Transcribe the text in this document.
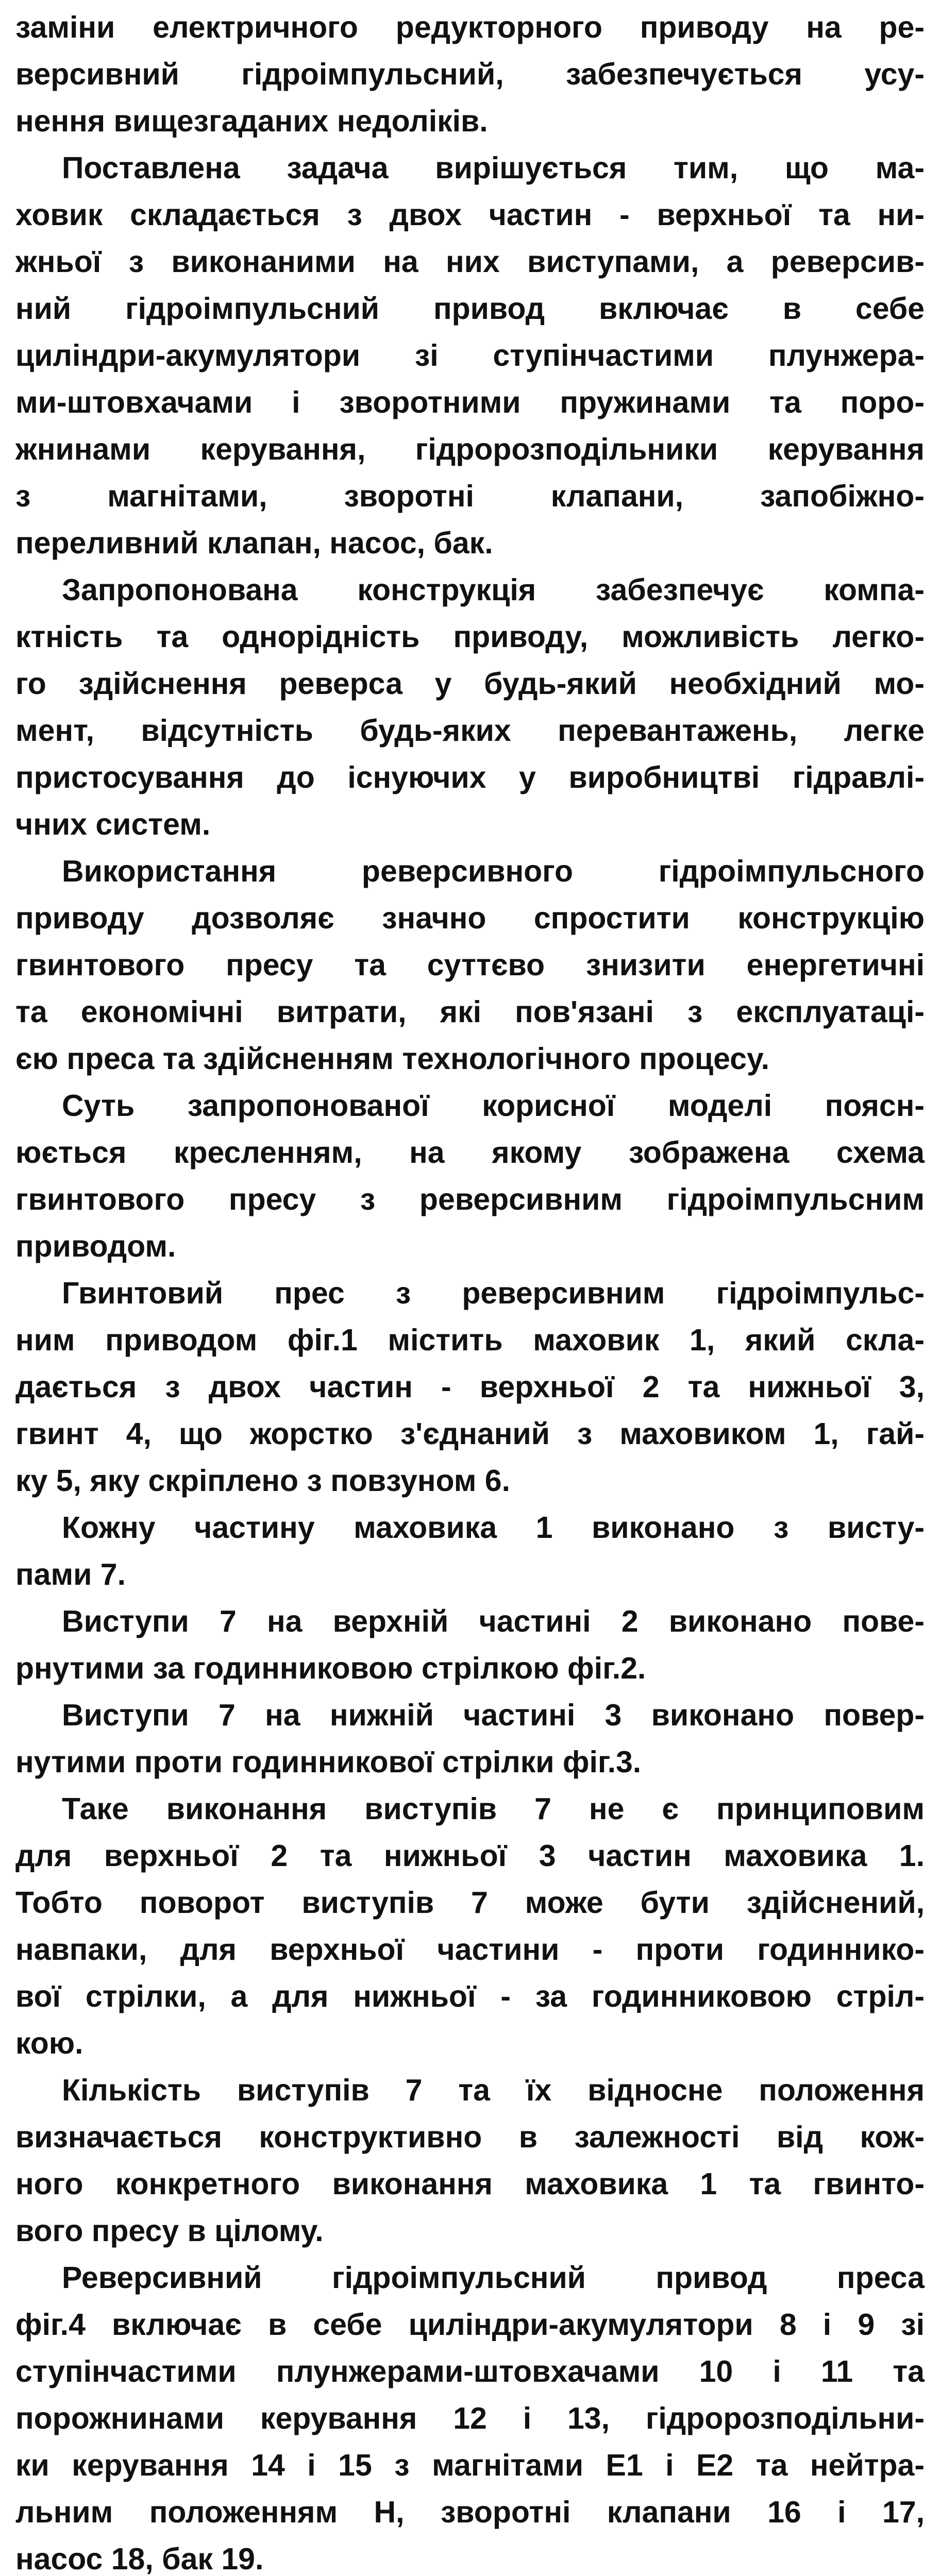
заміни електричного редукторного приводу на ре-
версивний гідроімпульсний, забезпечується усу-
нення вищезгаданих недоліків.
Поставлена задача вирішується тим, що ма-
ховик складається з двох частин - верхньої та ни-
жньої з виконаними на них виступами, а реверсив-
ний гідроімпульсний привод включає в себе
циліндри-акумулятори зі ступінчастими плунжера-
ми-штовхачами і зворотними пружинами та поро-
жнинами керування, гідророзподільники керування
з магнітами, зворотні клапани, запобіжно-
переливний клапан, насос, бак.
Запропонована конструкція забезпечує компа-
ктність та однорідність приводу, можливість легко-
го здійснення реверса у будь-який необхідний мо-
мент, відсутність будь-яких перевантажень, легке
пристосування до існуючих у виробництві гідравлі-
чних систем.
Використання реверсивного гідроімпульсного
приводу дозволяє значно спростити конструкцію
гвинтового пресу та суттєво знизити енергетичні
та економічні витрати, які пов'язані з експлуатаці-
єю преса та здійсненням технологічного процесу.
Суть запропонованої корисної моделі поясн-
юється кресленням, на якому зображена схема
гвинтового пресу з реверсивним гідроімпульсним
приводом.
Гвинтовий прес з реверсивним гідроімпульс-
ним приводом фіг.1 містить маховик 1, який скла-
дається з двох частин - верхньої 2 та нижньої 3,
гвинт 4, що жорстко з'єднаний з маховиком 1, гай-
ку 5, яку скріплено з повзуном 6.
Кожну частину маховика 1 виконано з висту-
пами 7.
Виступи 7 на верхній частині 2 виконано пове-
рнутими за годинниковою стрілкою фіг.2.
Виступи 7 на нижній частині 3 виконано повер-
нутими проти годинникової стрілки фіг.3.
Таке виконання виступів 7 не є принциповим
для верхньої 2 та нижньої 3 частин маховика 1.
Тобто поворот виступів 7 може бути здійснений,
навпаки, для верхньої частини - проти годиннико-
вої стрілки, а для нижньої - за годинниковою стріл-
кою.
Кількість виступів 7 та їх відносне положення
визначається конструктивно в залежності від кож-
ного конкретного виконання маховика 1 та гвинто-
вого пресу в цілому.
Реверсивний гідроімпульсний привод преса
фіг.4 включає в себе циліндри-акумулятори 8 і 9 зі
ступінчастими плунжерами-штовхачами 10 і 11 та
порожнинами керування 12 і 13, гідророзподільни-
ки керування 14 і 15 з магнітами Е1 і Е2 та нейтра-
льним положенням Н, зворотні клапани 16 і 17,
насос 18, бак 19.
